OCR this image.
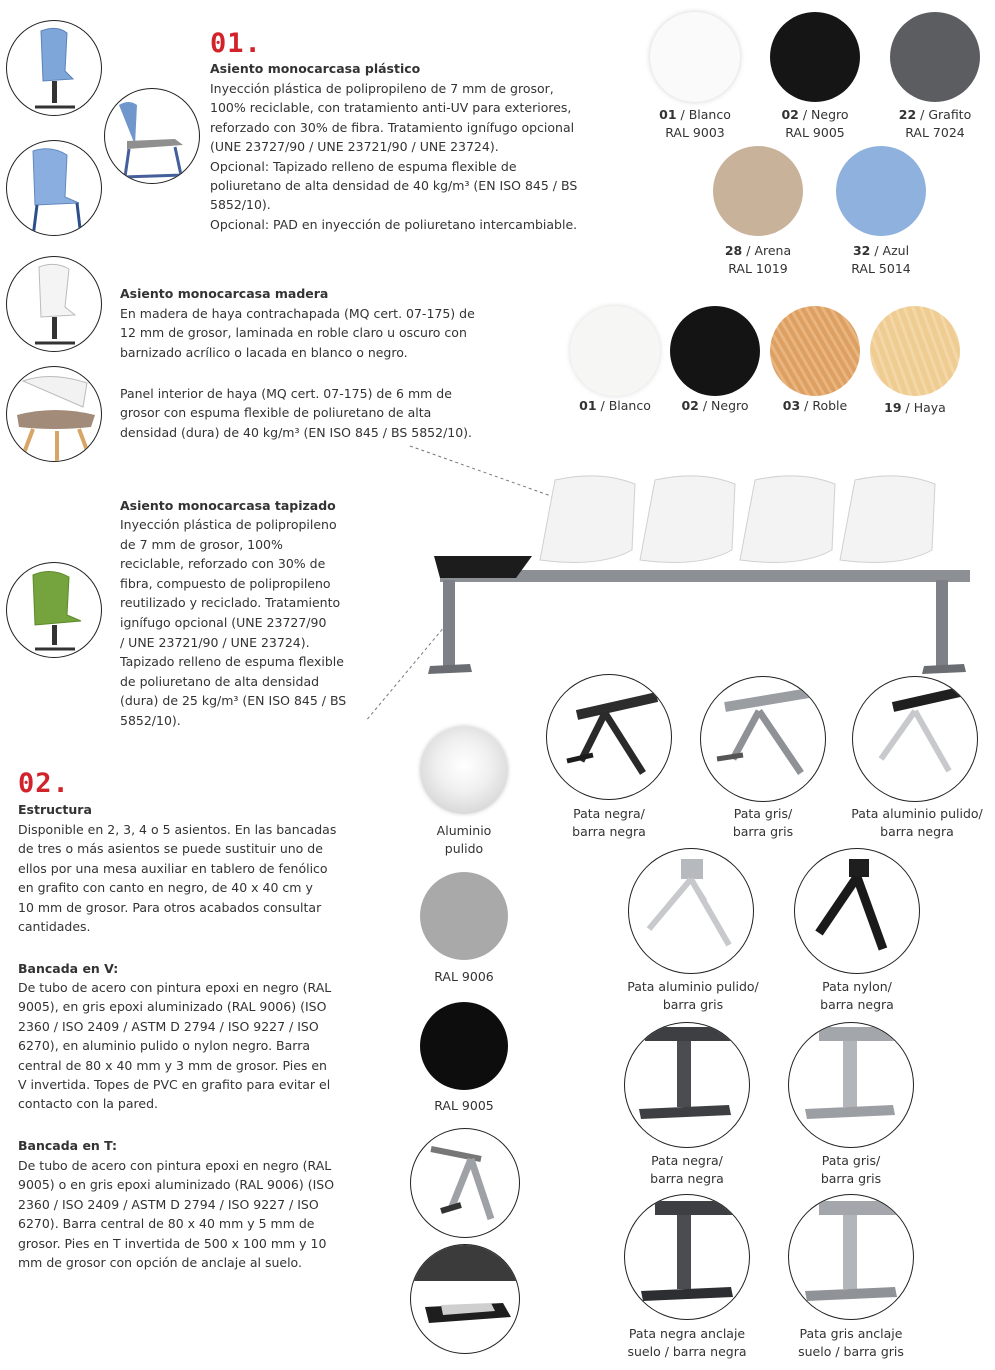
01.
Asiento monocarcasa plástico
Inyección plástica de polipropileno de 7 mm de grosor,
100% reciclable, con tratamiento anti-UV para exteriores,
reforzado con 30% de fibra. Tratamiento ignífugo opcional
(UNE 23727/90 / UNE 23721/90 / UNE 23724).
Opcional: Tapizado relleno de espuma flexible de
poliuretano de alta densidad de 40 kg/m³ (EN ISO 845 / BS
5852/10).
Opcional: PAD en inyección de poliuretano intercambiable.
Asiento monocarcasa madera
En madera de haya contrachapada (MQ cert. 07-175) de
12 mm de grosor, laminada en roble claro u oscuro con
barnizado acrílico o lacada en blanco o negro.
Panel interior de haya (MQ cert. 07-175) de 6 mm de
grosor con espuma flexible de poliuretano de alta
densidad (dura) de 40 kg/m³ (EN ISO 845 / BS 5852/10).
Asiento monocarcasa tapizado
Inyección plástica de polipropileno
de 7 mm de grosor, 100%
reciclable, reforzado con 30% de
fibra, compuesto de polipropileno
reutilizado y reciclado. Tratamiento
ignífugo opcional (UNE 23727/90
/ UNE 23721/90 / UNE 23724).
Tapizado relleno de espuma flexible
de poliuretano de alta densidad
(dura) de 25 kg/m³ (EN ISO 845 / BS
5852/10).
01 / Blanco
RAL 9003
02 / Negro
RAL 9005
22 / Grafito
RAL 7024
28 / Arena
RAL 1019
32 / Azul
RAL 5014
01 / Blanco	02 / Negro	03 / Roble	19 / Haya
02.
Estructura
Disponible en 2, 3, 4 o 5 asientos. En las bancadas
de tres o más asientos se puede sustituir uno de
ellos por una mesa auxiliar en tablero de fenólico
en grafito con canto en negro, de 40 x 40 cm y
10 mm de grosor. Para otros acabados consultar
cantidades.
Bancada en V:
De tubo de acero con pintura epoxi en negro (RAL
9005), en gris epoxi aluminizado (RAL 9006) (ISO
2360 / ISO 2409 / ASTM D 2794 / ISO 9227 / ISO
6270), en aluminio pulido o nylon negro. Barra
central de 80 x 40 mm y 3 mm de grosor. Pies en
V invertida. Topes de PVC en grafito para evitar el
contacto con la pared.
Bancada en T:
De tubo de acero con pintura epoxi en negro (RAL
9005) o en gris epoxi aluminizado (RAL 9006) (ISO
2360 / ISO 2409 / ASTM D 2794 / ISO 9227 / ISO
6270). Barra central de 80 x 40 mm y 5 mm de
grosor. Pies en T invertida de 500 x 100 mm y 10
mm de grosor con opción de anclaje al suelo.
Aluminio
pulido
RAL 9006
RAL 9005
Pata negra/
barra negra
Pata gris/
barra gris
Pata aluminio pulido/
barra negra
Pata aluminio pulido/
barra gris
Pata nylon/
barra negra
Pata negra/
barra negra
Pata gris/
barra gris
Pata negra anclaje
suelo / barra negra
Pata gris anclaje
suelo / barra gris
